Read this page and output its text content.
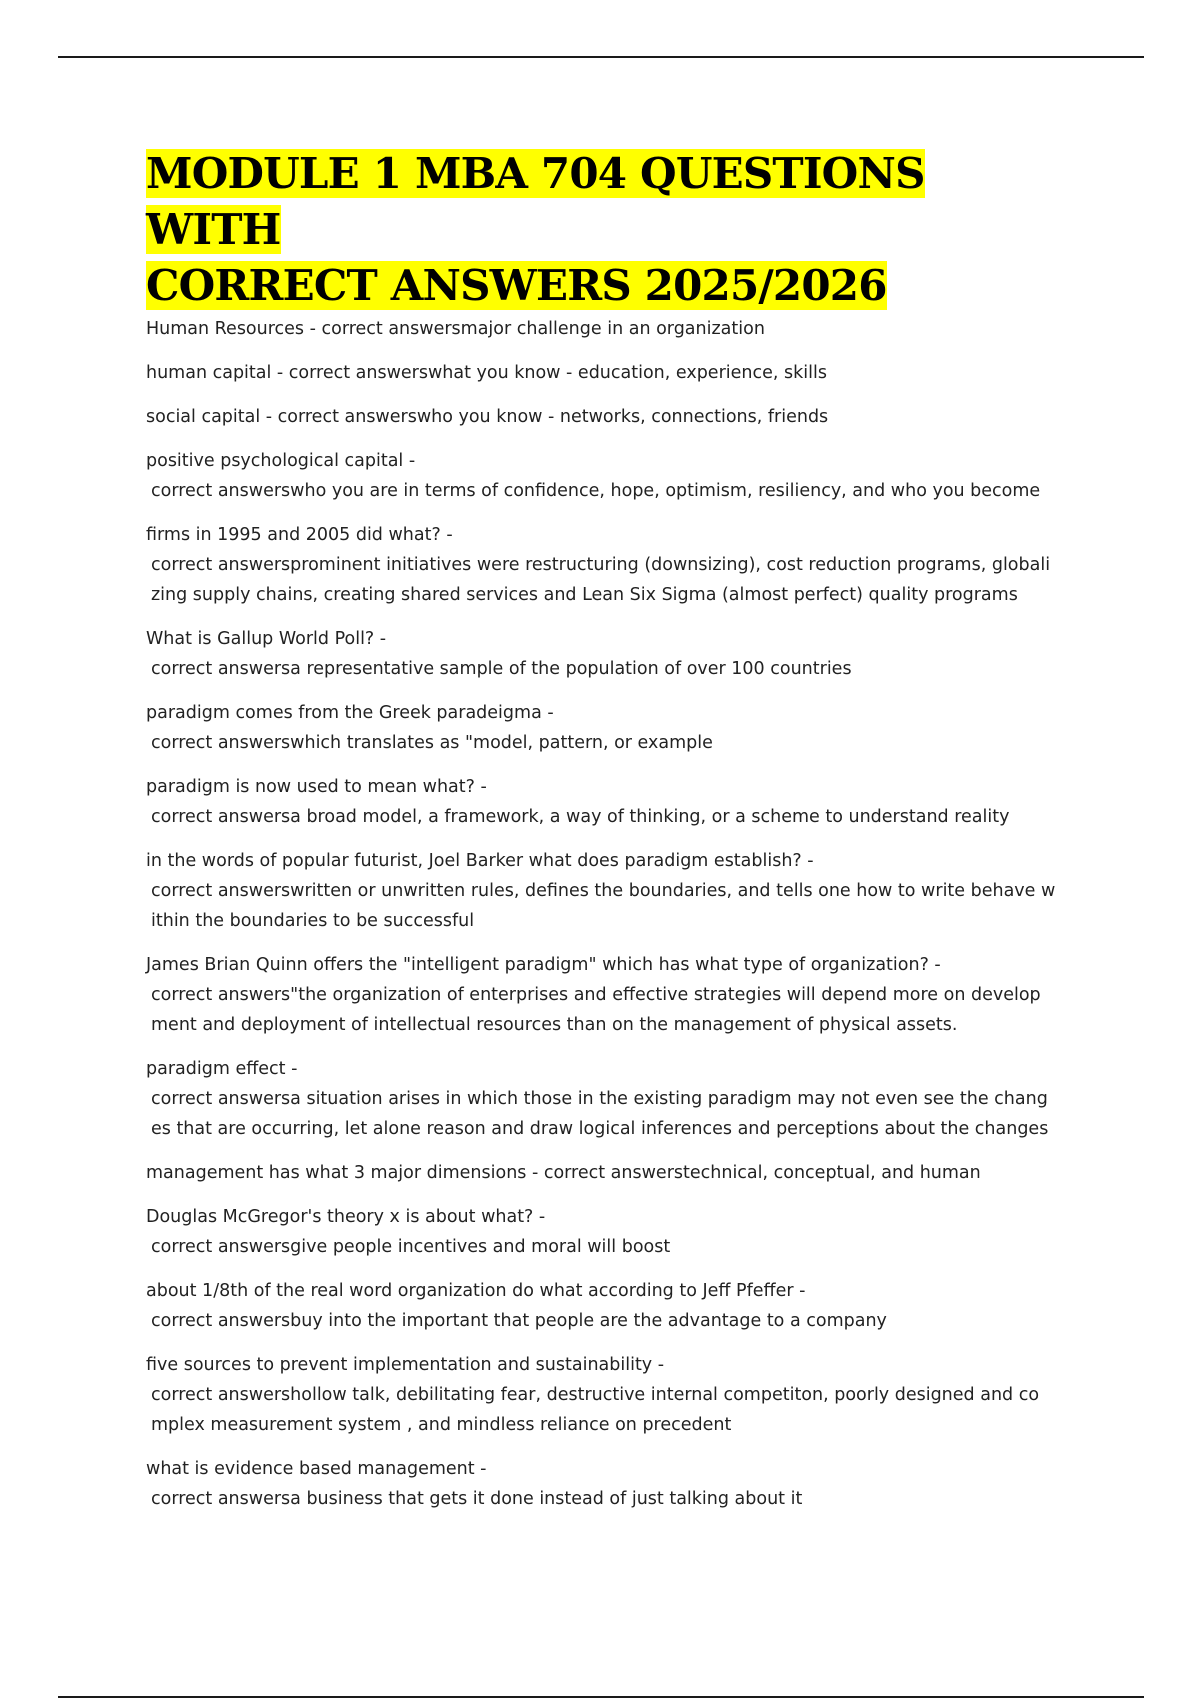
MODULE 1 MBA 704 QUESTIONS WITH
CORRECT ANSWERS 2025/2026
Human Resources - correct answersmajor challenge in an organization
human capital - correct answerswhat you know - education, experience, skills
social capital - correct answerswho you know - networks, connections, friends
positive psychological capital -
correct answerswho you are in terms of confidence, hope, optimism, resiliency, and who you become
firms in 1995 and 2005 did what? -
correct answersprominent initiatives were restructuring (downsizing), cost reduction programs, globalizing supply chains, creating shared services and Lean Six Sigma (almost perfect) quality programs
What is Gallup World Poll? -
correct answersa representative sample of the population of over 100 countries
paradigm comes from the Greek paradeigma -
correct answerswhich translates as "model, pattern, or example
paradigm is now used to mean what? -
correct answersa broad model, a framework, a way of thinking, or a scheme to understand reality
in the words of popular futurist, Joel Barker what does paradigm establish? -
correct answerswritten or unwritten rules, defines the boundaries, and tells one how to write behave within the boundaries to be successful
James Brian Quinn offers the "intelligent paradigm" which has what type of organization? -
correct answers"the organization of enterprises and effective strategies will depend more on development and deployment of intellectual resources than on the management of physical assets.
paradigm effect -
correct answersa situation arises in which those in the existing paradigm may not even see the changes that are occurring, let alone reason and draw logical inferences and perceptions about the changes
management has what 3 major dimensions - correct answerstechnical, conceptual, and human
Douglas McGregor's theory x is about what? -
correct answersgive people incentives and moral will boost
about 1/8th of the real word organization do what according to Jeff Pfeffer -
correct answersbuy into the important that people are the advantage to a company
five sources to prevent implementation and sustainability -
correct answershollow talk, debilitating fear, destructive internal competiton, poorly designed and complex measurement system , and mindless reliance on precedent
what is evidence based management -
correct answersa business that gets it done instead of just talking about it
